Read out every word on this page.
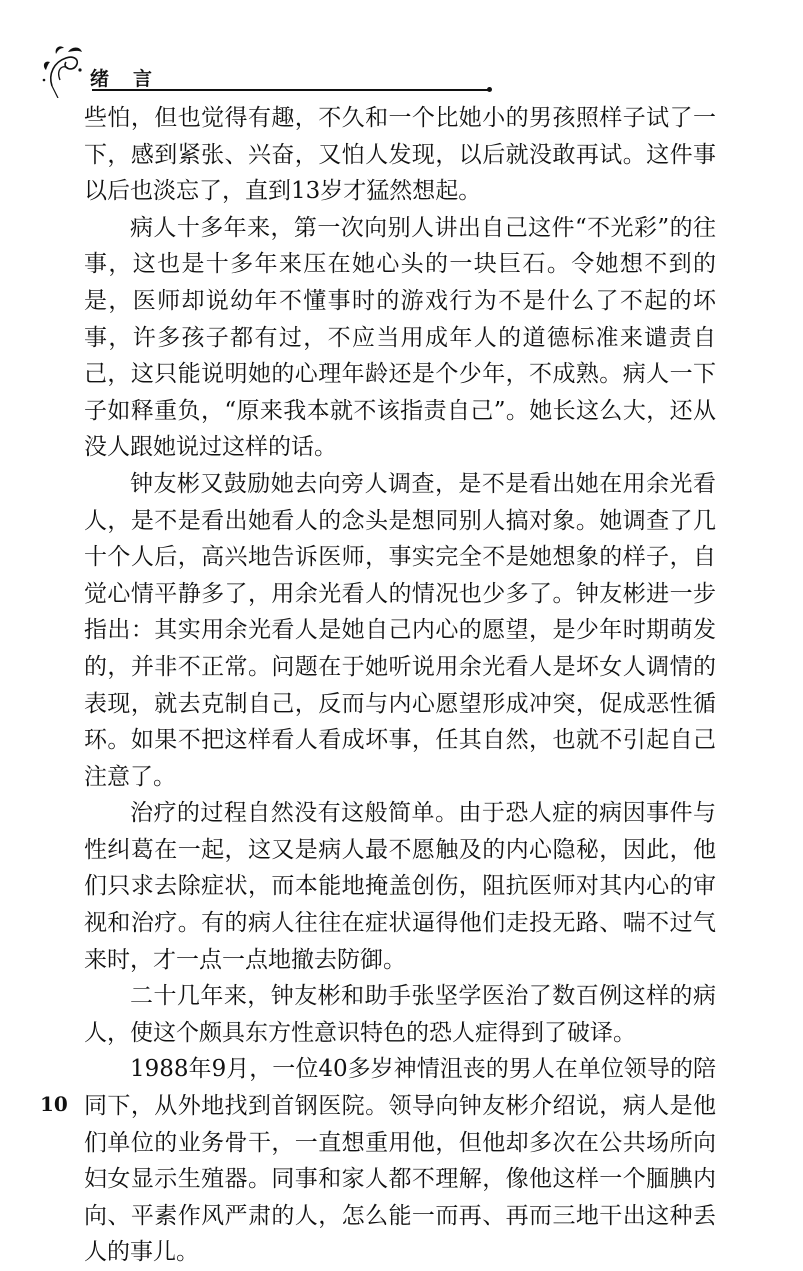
绪言

些怕，但也觉得有趣，不久和一个比她小的男孩照样子试了一下，感到紧张、兴奋，又怕人发现，以后就没敢再试。这件事以后也淡忘了，直到13岁才猛然想起。

病人十多年来，第一次向别人讲出自己这件“不光彩”的往事，这也是十多年来压在她心头的一块巨石。令她想不到的是，医师却说幼年不懂事时的游戏行为不是什么了不起的坏事，许多孩子都有过，不应当用成年人的道德标准来谴责自己，这只能说明她的心理年龄还是个少年，不成熟。病人一下子如释重负，“原来我本就不该指责自己”。她长这么大，还从没人跟她说过这样的话。

钟友彬又鼓励她去向旁人调查，是不是看出她在用余光看人，是不是看出她看人的念头是想同别人搞对象。她调查了几十个人后，高兴地告诉医师，事实完全不是她想象的样子，自觉心情平静多了，用余光看人的情况也少多了。钟友彬进一步指出：其实用余光看人是她自己内心的愿望，是少年时期萌发的，并非不正常。问题在于她听说用余光看人是坏女人调情的表现，就去克制自己，反而与内心愿望形成冲突，促成恶性循环。如果不把这样看人看成坏事，任其自然，也就不引起自己注意了。

治疗的过程自然没有这般简单。由于恐人症的病因事件与性纠葛在一起，这又是病人最不愿触及的内心隐秘，因此，他们只求去除症状，而本能地掩盖创伤，阻抗医师对其内心的审视和治疗。有的病人往往在症状逼得他们走投无路、喘不过气来时，才一点一点地撤去防御。

二十几年来，钟友彬和助手张坚学医治了数百例这样的病人，使这个颇具东方性意识特色的恐人症得到了破译。

1988年9月，一位40多岁神情沮丧的男人在单位领导的陪同下，从外地找到首钢医院。领导向钟友彬介绍说，病人是他们单位的业务骨干，一直想重用他，但他却多次在公共场所向妇女显示生殖器。同事和家人都不理解，像他这样一个腼腆内向、平素作风严肃的人，怎么能一而再、再而三地干出这种丢人的事儿。

10
